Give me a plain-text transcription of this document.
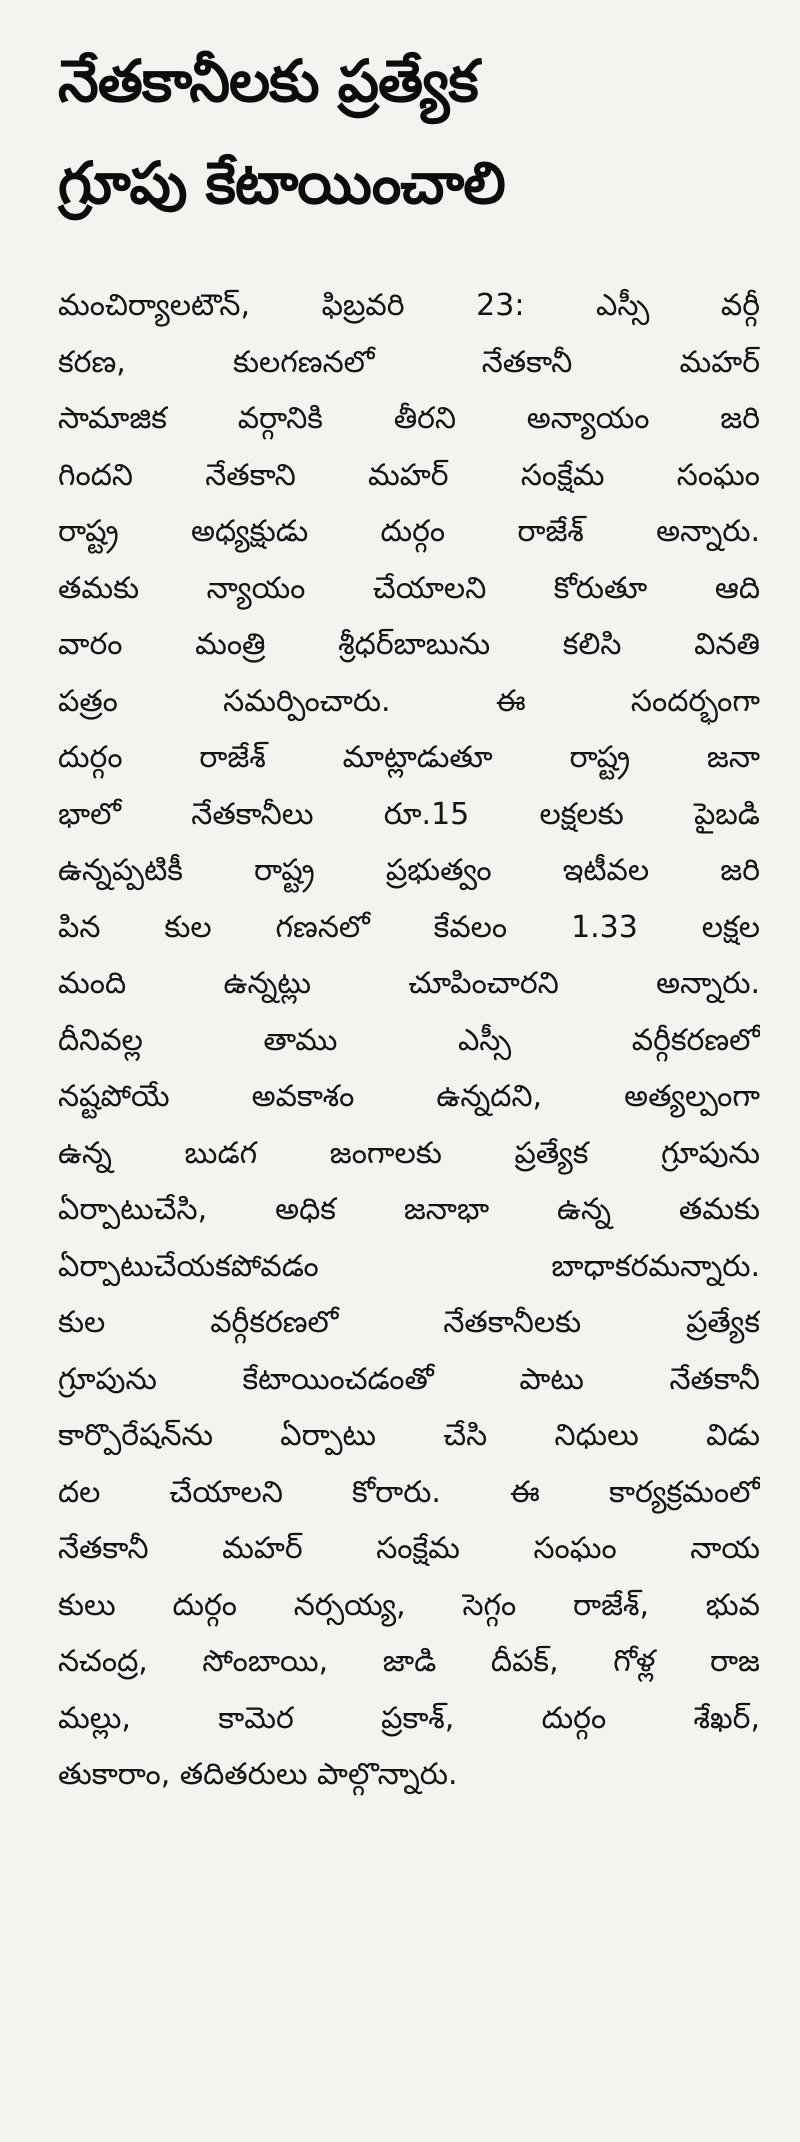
నేతకానీలకు ప్రత్యేక
గ్రూపు కేటాయించాలి
మంచిర్యాలటౌన్, ఫిబ్రవరి 23: ఎస్సీ వర్గీ
కరణ, కులగణనలో నేతకానీ మహర్
సామాజిక వర్గానికి తీరని అన్యాయం జరి
గిందని నేతకాని మహర్ సంక్షేమ సంఘం
రాష్ట్ర అధ్యక్షుడు దుర్గం రాజేశ్ అన్నారు.
తమకు న్యాయం చేయాలని కోరుతూ ఆది
వారం మంత్రి శ్రీధర్‌బాబును కలిసి వినతి
పత్రం సమర్పించారు. ఈ సందర్భంగా
దుర్గం రాజేశ్ మాట్లాడుతూ రాష్ట్ర జనా
భాలో నేతకానీలు రూ.15 లక్షలకు పైబడి
ఉన్నప్పటికీ రాష్ట్ర ప్రభుత్వం ఇటీవల జరి
పిన కుల గణనలో కేవలం 1.33 లక్షల
మంది ఉన్నట్లు చూపించారని అన్నారు.
దీనివల్ల తాము ఎస్సీ వర్గీకరణలో
నష్టపోయే అవకాశం ఉన్నదని, అత్యల్పంగా
ఉన్న బుడగ జంగాలకు ప్రత్యేక గ్రూపును
ఏర్పాటుచేసి, అధిక జనాభా ఉన్న తమకు
ఏర్పాటుచేయకపోవడం బాధాకరమన్నారు.
కుల వర్గీకరణలో నేతకానీలకు ప్రత్యేక
గ్రూపును కేటాయించడంతో పాటు నేతకానీ
కార్పొరేషన్‌ను ఏర్పాటు చేసి నిధులు విడు
దల చేయాలని కోరారు. ఈ కార్యక్రమంలో
నేతకానీ మహర్ సంక్షేమ సంఘం నాయ
కులు దుర్గం నర్సయ్య, సెగ్గం రాజేశ్, భువ
నచంద్ర, సోంబాయి, జాడి దీపక్, గోళ్ల రాజ
మల్లు, కామెర ప్రకాశ్, దుర్గం శేఖర్,
తుకారాం, తదితరులు పాల్గొన్నారు.
